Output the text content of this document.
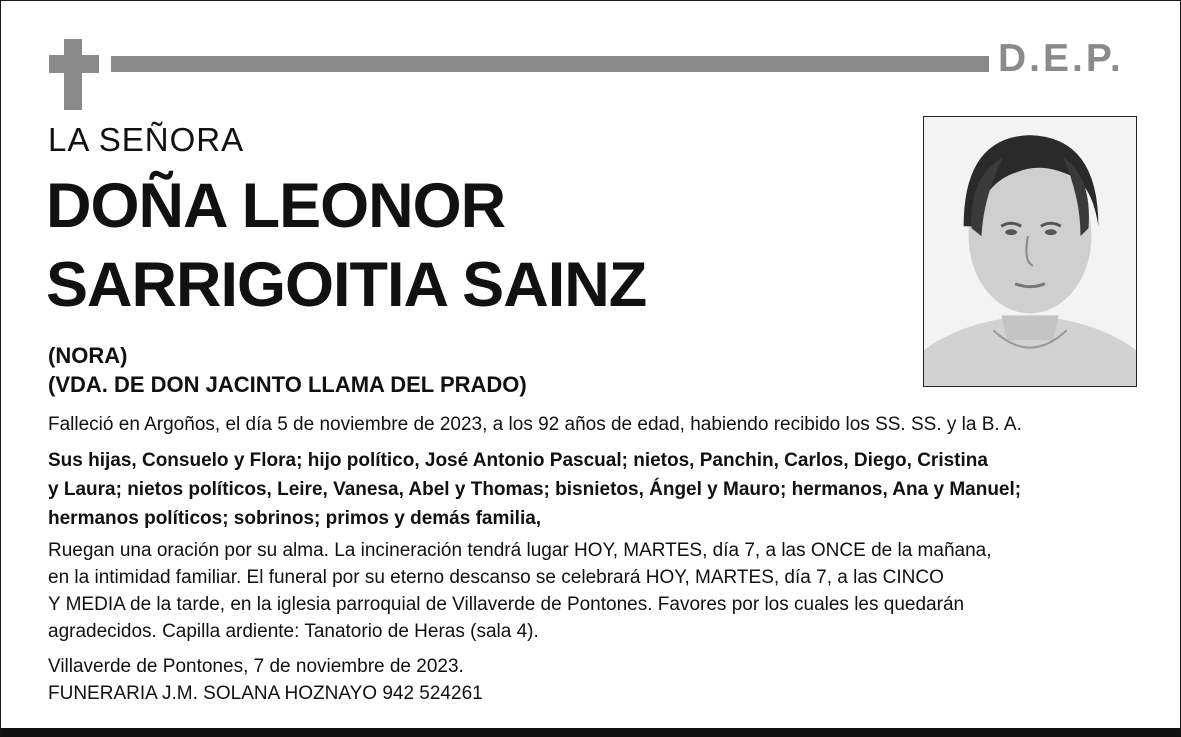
D.E.P.
LA SEÑORA
DOÑA LEONOR
SARRIGOITIA SAINZ
(NORA)
(VDA. DE DON JACINTO LLAMA DEL PRADO)
Falleció en Argoños, el día 5 de noviembre de 2023, a los 92 años de edad, habiendo recibido los SS. SS. y la B. A.
Sus hijas, Consuelo y Flora; hijo político, José Antonio Pascual; nietos, Panchin, Carlos, Diego, Cristina
y Laura; nietos políticos, Leire, Vanesa, Abel y Thomas; bisnietos, Ángel y Mauro; hermanos, Ana y Manuel;
hermanos políticos; sobrinos; primos y demás familia,
Ruegan una oración por su alma. La incineración tendrá lugar HOY, MARTES, día 7, a las ONCE de la mañana,
en la intimidad familiar. El funeral por su eterno descanso se celebrará HOY, MARTES, día 7, a las CINCO
Y MEDIA de la tarde, en la iglesia parroquial de Villaverde de Pontones. Favores por los cuales les quedarán
agradecidos. Capilla ardiente: Tanatorio de Heras (sala 4).
Villaverde de Pontones, 7 de noviembre de 2023.
FUNERARIA J.M. SOLANA HOZNAYO 942 524261
